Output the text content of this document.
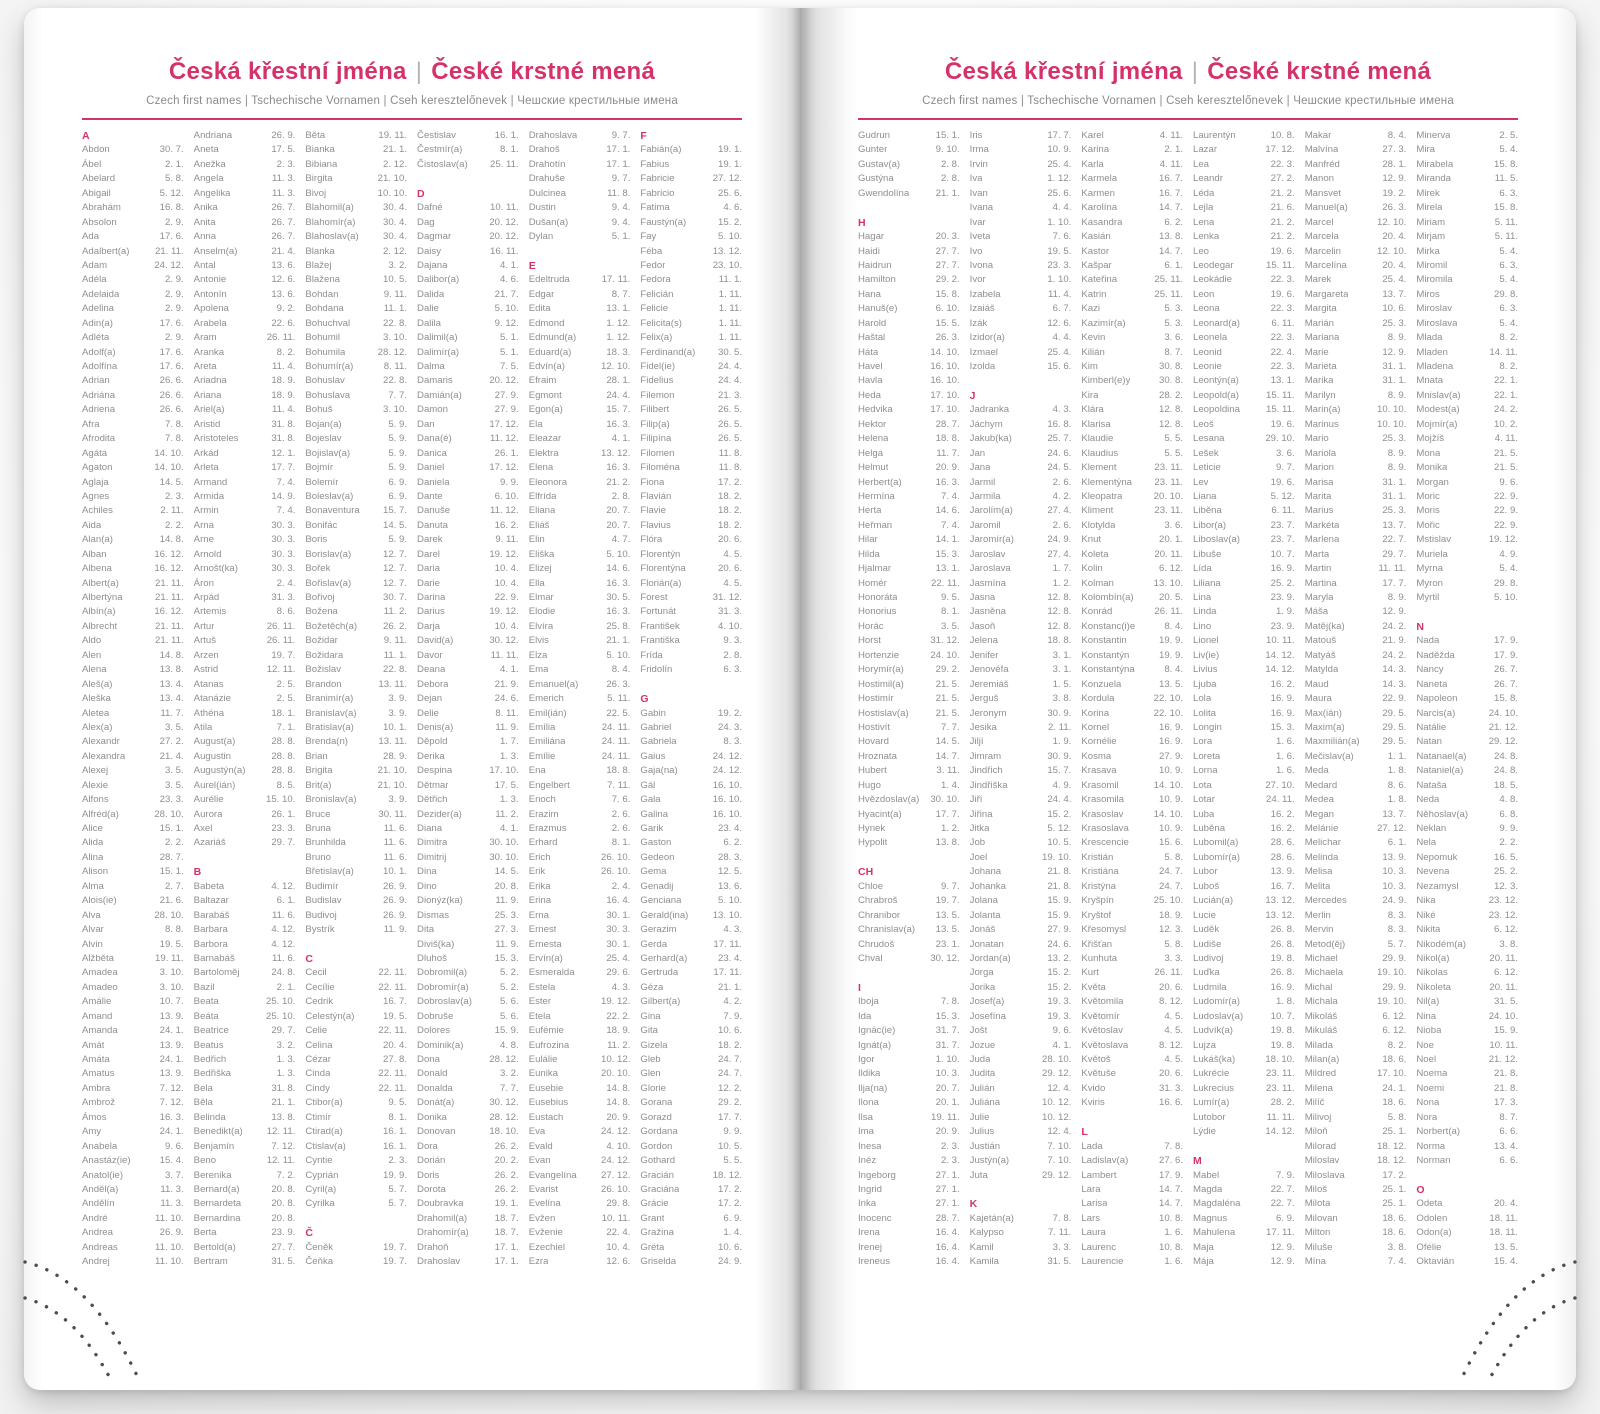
Česká křestní jména | České krstné mená
Czech first names | Tschechische Vornamen | Cseh keresztelőnevek | Чешские крестильные имена
A
Abdon	30. 7.
Ábel	2. 1.
Abelard	5. 8.
Abigail	5. 12.
Abrahám	16. 8.
Absolon	2. 9.
Ada	17. 6.
Adalbert(a)	21. 11.
Adam	24. 12.
Adéla	2. 9.
Adelaida	2. 9.
Adelina	2. 9.
Adin(a)	17. 6.
Adléta	2. 9.
Adolf(a)	17. 6.
Adolfína	17. 6.
Adrian	26. 6.
Adriána	26. 6.
Adriena	26. 6.
Afra	7. 8.
Afrodita	7. 8.
Agáta	14. 10.
Agaton	14. 10.
Aglaja	14. 5.
Agnes	2. 3.
Achiles	2. 11.
Aida	2. 2.
Alan(a)	14. 8.
Alban	16. 12.
Albena	16. 12.
Albert(a)	21. 11.
Albertýna	21. 11.
Albín(a)	16. 12.
Albrecht	21. 11.
Aldo	21. 11.
Alen	14. 8.
Alena	13. 8.
Aleš(a)	13. 4.
Aleška	13. 4.
Aletea	11. 7.
Alex(a)	3. 5.
Alexandr	27. 2.
Alexandra	21. 4.
Alexej	3. 5.
Alexie	3. 5.
Alfons	23. 3.
Alfréd(a)	28. 10.
Alice	15. 1.
Alida	2. 2.
Alina	28. 7.
Alison	15. 1.
Alma	2. 7.
Alois(ie)	21. 6.
Alva	28. 10.
Alvar	8. 8.
Alvin	19. 5.
Alžběta	19. 11.
Amadea	3. 10.
Amadeo	3. 10.
Amálie	10. 7.
Amand	13. 9.
Amanda	24. 1.
Amát	13. 9.
Amáta	24. 1.
Amatus	13. 9.
Ambra	7. 12.
Ambrož	7. 12.
Ámos	16. 3.
Amy	24. 1.
Anabela	9. 6.
Anastáz(ie)	15. 4.
Anatol(ie)	3. 7.
Anděl(a)	11. 3.
Andělín	11. 3.
André	11. 10.
Andrea	26. 9.
Andreas	11. 10.
Andrej	11. 10.
Andriana	26. 9.
Aneta	17. 5.
Anežka	2. 3.
Angela	11. 3.
Angelika	11. 3.
Anika	26. 7.
Anita	26. 7.
Anna	26. 7.
Anselm(a)	21. 4.
Antal	13. 6.
Antonie	12. 6.
Antonín	13. 6.
Apolena	9. 2.
Arabela	22. 6.
Aram	26. 11.
Aranka	8. 2.
Areta	11. 4.
Ariadna	18. 9.
Ariana	18. 9.
Ariel(a)	11. 4.
Aristid	31. 8.
Aristoteles	31. 8.
Arkád	12. 1.
Arleta	17. 7.
Armand	7. 4.
Armida	14. 9.
Armin	7. 4.
Arna	30. 3.
Arne	30. 3.
Arnold	30. 3.
Arnošt(ka)	30. 3.
Áron	2. 4.
Arpád	31. 3.
Artemis	8. 6.
Artur	26. 11.
Artuš	26. 11.
Arzen	19. 7.
Astrid	12. 11.
Atanas	2. 5.
Atanázie	2. 5.
Athéna	18. 1.
Atila	7. 1.
August(a)	28. 8.
Augustin	28. 8.
Augustýn(a)	28. 8.
Aurel(ián)	8. 5.
Aurélie	15. 10.
Aurora	26. 1.
Axel	23. 3.
Azariáš	29. 7.
B
Babeta	4. 12.
Baltazar	6. 1.
Barabáš	11. 6.
Barbara	4. 12.
Barbora	4. 12.
Barnabáš	11. 6.
Bartoloměj	24. 8.
Bazil	2. 1.
Beata	25. 10.
Beáta	25. 10.
Beatrice	29. 7.
Beatus	3. 2.
Bedřich	1. 3.
Bedřiška	1. 3.
Bela	31. 8.
Běla	21. 1.
Belinda	13. 8.
Benedikt(a)	12. 11.
Benjamín	7. 12.
Beno	12. 11.
Berenika	7. 2.
Bernard(a)	20. 8.
Bernardeta	20. 8.
Bernardina	20. 8.
Berta	23. 9.
Bertold(a)	27. 7.
Bertram	31. 5.
Běta	19. 11.
Bianka	21. 1.
Bibiana	2. 12.
Birgita	21. 10.
Bivoj	10. 10.
Blahomil(a)	30. 4.
Blahomír(a)	30. 4.
Blahoslav(a)	30. 4.
Blanka	2. 12.
Blažej	3. 2.
Blažena	10. 5.
Bohdan	9. 11.
Bohdana	11. 1.
Bohuchval	22. 8.
Bohumil	3. 10.
Bohumila	28. 12.
Bohumír(a)	8. 11.
Bohuslav	22. 8.
Bohuslava	7. 7.
Bohuš	3. 10.
Bojan(a)	5. 9.
Bojeslav	5. 9.
Bojislav(a)	5. 9.
Bojmír	5. 9.
Bolemír	6. 9.
Boleslav(a)	6. 9.
Bonaventura	15. 7.
Bonifác	14. 5.
Boris	5. 9.
Borislav(a)	12. 7.
Bořek	12. 7.
Bořislav(a)	12. 7.
Bořivoj	30. 7.
Božena	11. 2.
Božetěch(a)	26. 2.
Božidar	9. 11.
Božidara	11. 1.
Božislav	22. 8.
Brandon	13. 11.
Branimír(a)	3. 9.
Branislav(a)	3. 9.
Bratislav(a)	10. 1.
Brenda(n)	13. 11.
Brian	28. 9.
Brigita	21. 10.
Brit(a)	21. 10.
Bronislav(a)	3. 9.
Bruce	30. 11.
Bruna	11. 6.
Brunhilda	11. 6.
Bruno	11. 6.
Břetislav(a)	10. 1.
Budimír	26. 9.
Budislav	26. 9.
Budivoj	26. 9.
Bystrík	11. 9.
C
Cecil	22. 11.
Cecílie	22. 11.
Cedrik	16. 7.
Celestýn(a)	19. 5.
Celie	22. 11.
Celina	20. 4.
Cézar	27. 8.
Cinda	22. 11.
Cindy	22. 11.
Ctibor(a)	9. 5.
Ctimír	8. 1.
Ctirad(a)	16. 1.
Ctislav(a)	16. 1.
Cyntie	2. 3.
Cyprián	19. 9.
Cyril(a)	5. 7.
Cyrilka	5. 7.
Č
Čeněk	19. 7.
Čeňka	19. 7.
Čestislav	16. 1.
Čestmír(a)	8. 1.
Čistoslav(a)	25. 11.
D
Dafné	10. 11.
Dag	20. 12.
Dagmar	20. 12.
Daisy	16. 11.
Dajana	4. 1.
Dalibor(a)	4. 6.
Dalida	21. 7.
Dalie	5. 10.
Dalila	9. 12.
Dalimil(a)	5. 1.
Dalimír(a)	5. 1.
Dalma	7. 5.
Damaris	20. 12.
Damián(a)	27. 9.
Damon	27. 9.
Dan	17. 12.
Dana(é)	11. 12.
Danica	26. 1.
Daniel	17. 12.
Daniela	9. 9.
Dante	6. 10.
Danuše	11. 12.
Danuta	16. 2.
Darek	9. 11.
Darel	19. 12.
Daria	10. 4.
Darie	10. 4.
Darina	22. 9.
Darius	19. 12.
Darja	10. 4.
David(a)	30. 12.
Davor	11. 11.
Deana	4. 1.
Debora	21. 9.
Dejan	24. 6.
Delie	8. 11.
Denis(a)	11. 9.
Děpold	1. 7.
Derika	1. 3.
Despina	17. 10.
Dětmar	17. 5.
Dětřich	1. 3.
Dezider(a)	11. 2.
Diana	4. 1.
Dimitra	30. 10.
Dimitrij	30. 10.
Dina	14. 5.
Dino	20. 8.
Dionýz(ka)	11. 9.
Dismas	25. 3.
Dita	27. 3.
Diviš(ka)	11. 9.
Dluhoš	15. 3.
Dobromil(a)	5. 2.
Dobromír(a)	5. 2.
Dobroslav(a)	5. 6.
Dobruše	5. 6.
Dolores	15. 9.
Dominik(a)	4. 8.
Dona	28. 12.
Donald	3. 2.
Donalda	7. 7.
Donát(a)	30. 12.
Donika	28. 12.
Donovan	18. 10.
Dora	26. 2.
Dorián	20. 2.
Doris	26. 2.
Dorota	26. 2.
Doubravka	19. 1.
Drahomil(a)	18. 7.
Drahomír(a)	18. 7.
Drahoň	17. 1.
Drahoslav	17. 1.
Drahoslava	9. 7.
Drahoš	17. 1.
Drahotín	17. 1.
Drahuše	9. 7.
Dulcinea	11. 8.
Dustin	9. 4.
Dušan(a)	9. 4.
Dylan	5. 1.
E
Edeltruda	17. 11.
Edgar	8. 7.
Edita	13. 1.
Edmond	1. 12.
Edmund(a)	1. 12.
Eduard(a)	18. 3.
Edvín(a)	12. 10.
Efraim	28. 1.
Egmont	24. 4.
Egon(a)	15. 7.
Ela	16. 3.
Eleazar	4. 1.
Elektra	13. 12.
Elena	16. 3.
Eleonora	21. 2.
Elfrída	2. 8.
Eliana	20. 7.
Eliáš	20. 7.
Elin	4. 7.
Eliška	5. 10.
Elizej	14. 6.
Ella	16. 3.
Elmar	30. 5.
Elodie	16. 3.
Elvíra	25. 8.
Elvis	21. 1.
Elza	5. 10.
Ema	8. 4.
Emanuel(a)	26. 3.
Emerich	5. 11.
Emil(ián)	22. 5.
Emília	24. 11.
Emiliána	24. 11.
Emílie	24. 11.
Ena	18. 8.
Engelbert	7. 11.
Enoch	7. 6.
Erazim	2. 6.
Erazmus	2. 6.
Erhard	8. 1.
Erich	26. 10.
Erik	26. 10.
Erika	2. 4.
Erina	16. 4.
Erna	30. 1.
Ernest	30. 3.
Ernesta	30. 1.
Ervín(a)	25. 4.
Esmeralda	29. 6.
Estela	4. 3.
Ester	19. 12.
Etela	22. 2.
Eufémie	18. 9.
Eufrozina	11. 2.
Eulálie	10. 12.
Eunika	20. 10.
Eusebie	14. 8.
Eusebius	14. 8.
Eustach	20. 9.
Eva	24. 12.
Evald	4. 10.
Evan	24. 12.
Evangelína	27. 12.
Evarist	26. 10.
Evelína	29. 8.
Evžen	10. 11.
Evženie	22. 4.
Ezechiel	10. 4.
Ezra	12. 6.
F
Fabián(a)	19. 1.
Fabius	19. 1.
Fabricie	27. 12.
Fabricio	25. 6.
Fatima	4. 6.
Faustýn(a)	15. 2.
Fay	5. 10.
Féba	13. 12.
Fedor	23. 10.
Fedora	11. 1.
Felicián	1. 11.
Felicie	1. 11.
Felicita(s)	1. 11.
Felix(a)	1. 11.
Ferdinand(a)	30. 5.
Fidel(ie)	24. 4.
Fidelius	24. 4.
Filemon	21. 3.
Filibert	26. 5.
Filip(a)	26. 5.
Filipína	26. 5.
Filomen	11. 8.
Filoména	11. 8.
Fiona	17. 2.
Flavián	18. 2.
Flavie	18. 2.
Flavius	18. 2.
Flóra	20. 6.
Florentýn	4. 5.
Florentýna	20. 6.
Florián(a)	4. 5.
Forest	31. 12.
Fortunát	31. 3.
František	4. 10.
Františka	9. 3.
Frída	2. 8.
Fridolín	6. 3.
G
Gabin	19. 2.
Gabriel	24. 3.
Gabriela	8. 3.
Gaius	24. 12.
Gaja(na)	24. 12.
Gál	16. 10.
Gala	16. 10.
Galina	16. 10.
Garik	23. 4.
Gaston	6. 2.
Gedeon	28. 3.
Gema	12. 5.
Genadij	13. 6.
Genciana	5. 10.
Gerald(ina)	13. 10.
Gerazim	4. 3.
Gerda	17. 11.
Gerhard(a)	23. 4.
Gertruda	17. 11.
Géza	21. 1.
Gilbert(a)	4. 2.
Gina	7. 9.
Gita	10. 6.
Gizela	18. 2.
Gleb	24. 7.
Glen	24. 7.
Glorie	12. 2.
Gorana	29. 2.
Gorazd	17. 7.
Gordana	9. 9.
Gordon	10. 5.
Gothard	5. 5.
Gracián	18. 12.
Graciána	17. 2.
Grácie	17. 2.
Grant	6. 9.
Gražina	1. 4.
Gréta	10. 6.
Griselda	24. 9.
Česká křestní jména | České krstné mená
Czech first names | Tschechische Vornamen | Cseh keresztelőnevek | Чешские крестильные имена
Gudrun	15. 1.
Gunter	9. 10.
Gustav(a)	2. 8.
Gustýna	2. 8.
Gwendolína	21. 1.
H
Hagar	20. 3.
Haidi	27. 7.
Haidrun	27. 7.
Hamilton	29. 2.
Hana	15. 8.
Hanuš(e)	6. 10.
Harold	15. 5.
Haštal	26. 3.
Háta	14. 10.
Havel	16. 10.
Havla	16. 10.
Heda	17. 10.
Hedvika	17. 10.
Hektor	28. 7.
Helena	18. 8.
Helga	11. 7.
Helmut	20. 9.
Herbert(a)	16. 3.
Hermína	7. 4.
Herta	14. 6.
Heřman	7. 4.
Hilar	14. 1.
Hilda	15. 3.
Hjalmar	13. 1.
Homér	22. 11.
Honoráta	9. 5.
Honorius	8. 1.
Horác	3. 5.
Horst	31. 12.
Hortenzie	24. 10.
Horymír(a)	29. 2.
Hostimil(a)	21. 5.
Hostimír	21. 5.
Hostislav(a)	21. 5.
Hostivít	7. 7.
Hovard	14. 5.
Hroznata	14. 7.
Hubert	3. 11.
Hugo	1. 4.
Hvězdoslav(a)	30. 10.
Hyacint(a)	17. 7.
Hynek	1. 2.
Hypolit	13. 8.
CH
Chloe	9. 7.
Chrabroš	19. 7.
Chranibor	13. 5.
Chranislav(a)	13. 5.
Chrudoš	23. 1.
Chval	30. 12.
I
Iboja	7. 8.
Ida	15. 3.
Ignác(ie)	31. 7.
Ignát(a)	31. 7.
Igor	1. 10.
Ildika	10. 3.
Ilja(na)	20. 7.
Ilona	20. 1.
Ilsa	19. 11.
Ima	20. 9.
Inesa	2. 3.
Inéz	2. 3.
Ingeborg	27. 1.
Ingrid	27. 1.
Inka	27. 1.
Inocenc	28. 7.
Irena	16. 4.
Irenej	16. 4.
Ireneus	16. 4.
Iris	17. 7.
Irma	10. 9.
Irvin	25. 4.
Iva	1. 12.
Ivan	25. 6.
Ivana	4. 4.
Ivar	1. 10.
Iveta	7. 6.
Ivo	19. 5.
Ivona	23. 3.
Ivor	1. 10.
Izabela	11. 4.
Izaiáš	6. 7.
Izák	12. 6.
Izidor(a)	4. 4.
Izmael	25. 4.
Izolda	15. 6.
J
Jadranka	4. 3.
Jáchym	16. 8.
Jakub(ka)	25. 7.
Jan	24. 6.
Jana	24. 5.
Jarmil	2. 6.
Jarmila	4. 2.
Jarolím(a)	27. 4.
Jaromil	2. 6.
Jaromír(a)	24. 9.
Jaroslav	27. 4.
Jaroslava	1. 7.
Jasmína	1. 2.
Jasna	12. 8.
Jasněna	12. 8.
Jasoň	12. 8.
Jelena	18. 8.
Jenifer	3. 1.
Jenovéfa	3. 1.
Jeremiáš	1. 5.
Jerguš	3. 8.
Jeronym	30. 9.
Jesika	2. 11.
Jiljí	1. 9.
Jimram	30. 9.
Jindřich	15. 7.
Jindřiška	4. 9.
Jiří	24. 4.
Jiřina	15. 2.
Jitka	5. 12.
Job	10. 5.
Joel	19. 10.
Johana	21. 8.
Johanka	21. 8.
Jolana	15. 9.
Jolanta	15. 9.
Jonáš	27. 9.
Jonatan	24. 6.
Jordan(a)	13. 2.
Jorga	15. 2.
Jorika	15. 2.
Josef(a)	19. 3.
Josefína	19. 3.
Jošt	9. 6.
Jozue	4. 1.
Juda	28. 10.
Judita	29. 12.
Julián	12. 4.
Juliána	10. 12.
Julie	10. 12.
Julius	12. 4.
Justián	7. 10.
Justýn(a)	7. 10.
Juta	29. 12.
K
Kajetán(a)	7. 8.
Kalypso	7. 11.
Kamil	3. 3.
Kamila	31. 5.
Karel	4. 11.
Karina	2. 1.
Karla	4. 11.
Karmela	16. 7.
Karmen	16. 7.
Karolína	14. 7.
Kasandra	6. 2.
Kasián	13. 8.
Kastor	14. 7.
Kašpar	6. 1.
Kateřina	25. 11.
Katrin	25. 11.
Kazi	5. 3.
Kazimír(a)	5. 3.
Kevin	3. 6.
Kilián	8. 7.
Kim	30. 8.
Kimberl(e)y	30. 8.
Kira	28. 2.
Klára	12. 8.
Klarisa	12. 8.
Klaudie	5. 5.
Klaudius	5. 5.
Klement	23. 11.
Klementýna	23. 11.
Kleopatra	20. 10.
Kliment	23. 11.
Klotylda	3. 6.
Knut	20. 1.
Koleta	20. 11.
Kolin	6. 12.
Kolman	13. 10.
Kolombín(a)	20. 5.
Konrád	26. 11.
Konstanc(i)e	8. 4.
Konstantin	19. 9.
Konstantýn	19. 9.
Konstantýna	8. 4.
Konzuela	13. 5.
Kordula	22. 10.
Korina	22. 10.
Kornel	16. 9.
Kornélie	16. 9.
Kosma	27. 9.
Krasava	10. 9.
Krasomil	14. 10.
Krasomila	10. 9.
Krasoslav	14. 10.
Krasoslava	10. 9.
Krescencie	15. 6.
Kristián	5. 8.
Kristiána	24. 7.
Kristýna	24. 7.
Kryšpín	25. 10.
Kryštof	18. 9.
Křesomysl	12. 3.
Křišťan	5. 8.
Kunhuta	3. 3.
Kurt	26. 11.
Květa	20. 6.
Květomila	8. 12.
Květomír	4. 5.
Květoslav	4. 5.
Květoslava	8. 12.
Květoš	4. 5.
Květuše	20. 6.
Kvido	31. 3.
Kviris	16. 6.
L
Lada	7. 8.
Ladislav(a)	27. 6.
Lambert	17. 9.
Lara	14. 7.
Larisa	14. 7.
Lars	10. 8.
Laura	1. 6.
Laurenc	10. 8.
Laurencie	1. 6.
Laurentýn	10. 8.
Lazar	17. 12.
Lea	22. 3.
Leandr	27. 2.
Léda	21. 2.
Lejla	21. 6.
Lena	21. 2.
Lenka	21. 2.
Leo	19. 6.
Leodegar	15. 11.
Leokádie	22. 3.
Leon	19. 6.
Leona	22. 3.
Leonard(a)	6. 11.
Leonela	22. 3.
Leonid	22. 4.
Leonie	22. 3.
Leontýn(a)	13. 1.
Leopold(a)	15. 11.
Leopoldina	15. 11.
Leoš	19. 6.
Lesana	29. 10.
Lešek	3. 6.
Leticie	9. 7.
Lev	19. 6.
Liana	5. 12.
Liběna	6. 11.
Libor(a)	23. 7.
Liboslav(a)	23. 7.
Libuše	10. 7.
Lída	16. 9.
Liliana	25. 2.
Lina	23. 9.
Linda	1. 9.
Lino	23. 9.
Lionel	10. 11.
Liv(ie)	14. 12.
Livius	14. 12.
Ljuba	16. 2.
Lola	16. 9.
Lolita	16. 9.
Longin	15. 3.
Lora	1. 6.
Loreta	1. 6.
Lorna	1. 6.
Lota	27. 10.
Lotar	24. 11.
Luba	16. 2.
Luběna	16. 2.
Lubomil(a)	28. 6.
Lubomír(a)	28. 6.
Lubor	13. 9.
Luboš	16. 7.
Lucián(a)	13. 12.
Lucie	13. 12.
Luděk	26. 8.
Ludiše	26. 8.
Ludivoj	19. 8.
Luďka	26. 8.
Ludmila	16. 9.
Ludomír(a)	1. 8.
Ludoslav(a)	10. 7.
Ludvík(a)	19. 8.
Lujza	19. 8.
Lukáš(ka)	18. 10.
Lukrécie	23. 11.
Lukrecius	23. 11.
Lumír(a)	28. 2.
Lutobor	11. 11.
Lýdie	14. 12.
M
Mabel	7. 9.
Magda	22. 7.
Magdaléna	22. 7.
Magnus	6. 9.
Mahulena	17. 11.
Maja	12. 9.
Mája	12. 9.
Makar	8. 4.
Malvína	27. 3.
Manfréd	28. 1.
Manon	12. 9.
Mansvet	19. 2.
Manuel(a)	26. 3.
Marcel	12. 10.
Marcela	20. 4.
Marcelin	12. 10.
Marcelína	20. 4.
Marek	25. 4.
Margareta	13. 7.
Margita	10. 6.
Marián	25. 3.
Mariana	8. 9.
Marie	12. 9.
Marieta	31. 1.
Marika	31. 1.
Marilyn	8. 9.
Marin(a)	10. 10.
Marinus	10. 10.
Mario	25. 3.
Mariola	8. 9.
Marion	8. 9.
Marisa	31. 1.
Marita	31. 1.
Marius	25. 3.
Markéta	13. 7.
Marlena	22. 7.
Marta	29. 7.
Martin	11. 11.
Martina	17. 7.
Maryla	8. 9.
Máša	12. 9.
Matěj(ka)	24. 2.
Matouš	21. 9.
Matyáš	24. 2.
Matylda	14. 3.
Maud	14. 3.
Maura	22. 9.
Max(ián)	29. 5.
Maxim(a)	29. 5.
Maxmilián(a)	29. 5.
Mečislav(a)	1. 1.
Meda	1. 8.
Medard	8. 6.
Medea	1. 8.
Megan	13. 7.
Melánie	27. 12.
Melichar	6. 1.
Melinda	13. 9.
Melisa	10. 3.
Melita	10. 3.
Mercedes	24. 9.
Merlin	8. 3.
Mervin	8. 3.
Metod(ěj)	5. 7.
Michael	29. 9.
Michaela	19. 10.
Michal	29. 9.
Michala	19. 10.
Mikoláš	6. 12.
Mikuláš	6. 12.
Milada	8. 2.
Milan(a)	18. 6.
Mildred	17. 10.
Milena	24. 1.
Milíč	18. 6.
Milivoj	5. 8.
Miloň	25. 1.
Milorad	18. 12.
Miloslav	18. 12.
Miloslava	17. 2.
Miloš	25. 1.
Milota	25. 1.
Milovan	18. 6.
Milton	18. 6.
Miluše	3. 8.
Mína	7. 4.
Minerva	2. 5.
Mira	5. 4.
Mirabela	15. 8.
Miranda	11. 5.
Mirek	6. 3.
Mirela	15. 8.
Miriam	5. 11.
Mirjam	5. 11.
Mirka	5. 4.
Miromil	6. 3.
Miromila	5. 4.
Miros	29. 8.
Miroslav	6. 3.
Miroslava	5. 4.
Mlada	8. 2.
Mladen	14. 11.
Mladena	8. 2.
Mnata	22. 1.
Mnislav(a)	22. 1.
Modest(a)	24. 2.
Mojmír(a)	10. 2.
Mojžíš	4. 11.
Mona	21. 5.
Monika	21. 5.
Morgan	9. 6.
Moric	22. 9.
Moris	22. 9.
Mořic	22. 9.
Mstislav	19. 12.
Muriela	4. 9.
Myrna	5. 4.
Myron	29. 8.
Myrtil	5. 10.
N
Nada	17. 9.
Naděžda	17. 9.
Nancy	26. 7.
Naneta	26. 7.
Napoleon	15. 8.
Narcis(a)	24. 10.
Natálie	21. 12.
Natan	29. 12.
Natanael(a)	24. 8.
Nataniel(a)	24. 8.
Nataša	18. 5.
Neda	4. 8.
Něhoslav(a)	6. 8.
Neklan	9. 9.
Nela	2. 2.
Nepomuk	16. 5.
Nevena	25. 2.
Nezamysl	12. 3.
Nika	23. 12.
Niké	23. 12.
Nikita	6. 12.
Nikodém(a)	3. 8.
Nikol(a)	20. 11.
Nikolas	6. 12.
Nikoleta	20. 11.
Nil(a)	31. 5.
Nina	24. 10.
Nioba	15. 9.
Noe	10. 11.
Noel	21. 12.
Noema	21. 8.
Noemi	21. 8.
Nona	17. 3.
Nora	8. 7.
Norbert(a)	6. 6.
Norma	13. 4.
Norman	6. 6.
O
Odeta	20. 4.
Odolen	18. 11.
Odon(a)	18. 11.
Ofélie	13. 5.
Oktavián	15. 4.
